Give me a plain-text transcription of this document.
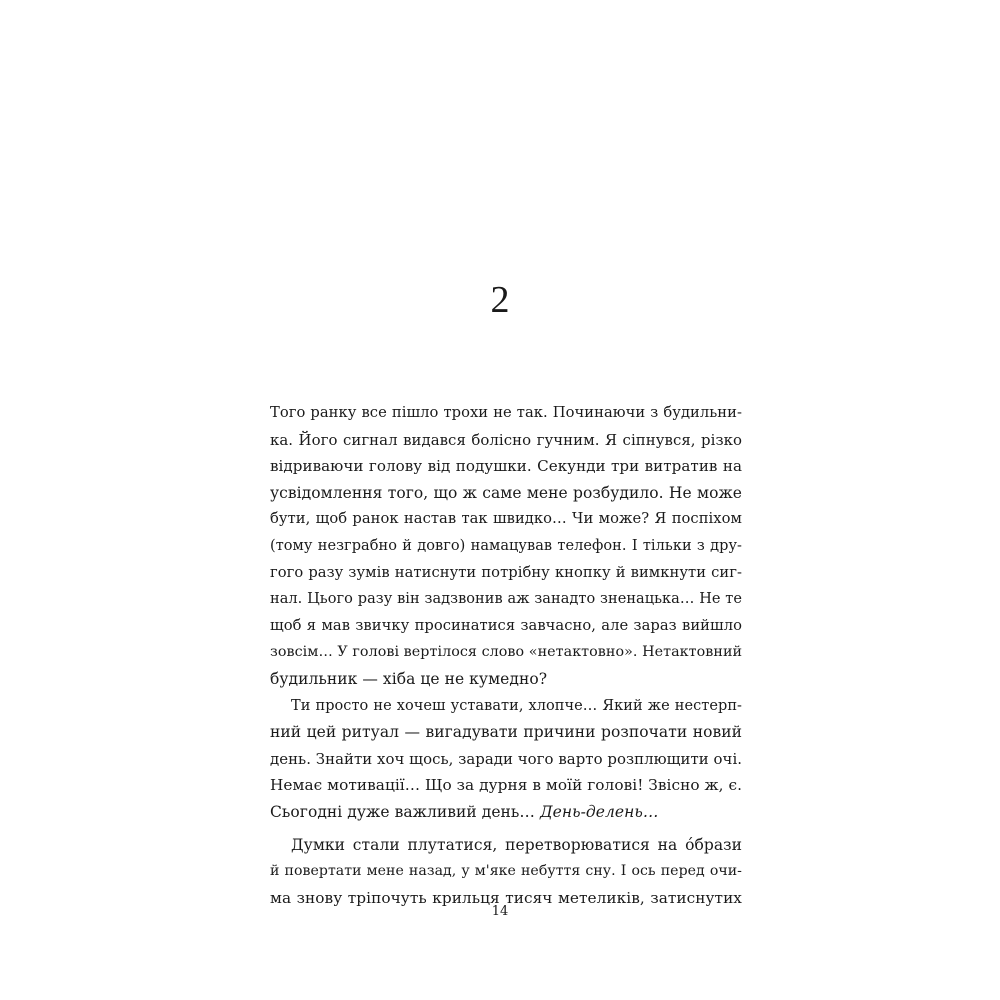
2
Того ранку все пішло трохи не так. Починаючи з будильни-
ка. Його сигнал видався болісно гучним. Я сіпнувся, різко
відриваючи голову від подушки. Секунди три витратив на
усвідомлення того, що ж саме мене розбудило. Не може
бути, щоб ранок настав так швидко… Чи може? Я поспіхом
(тому незграбно й довго) намацував телефон. І тільки з дру-
гого разу зумів натиснути потрібну кнопку й вимкнути сиг-
нал. Цього разу він задзвонив аж занадто зненацька… Не те
щоб я мав звичку просинатися завчасно, але зараз вийшло
зовсім… У голові вертілося слово «нетактовно». Нетактовний
будильник — хіба це не кумедно?
Ти просто не хочеш уставати, хлопче… Який же нестерп-
ний цей ритуал — вигадувати причини розпочати новий
день. Знайти хоч щось, заради чого варто розплющити очі.
Немає мотивації… Що за дурня в моїй голові! Звісно ж, є.
Сьогодні дуже важливий день… День-делень…
Думки стали плутатися, перетворюватися на óбрази
й повертати мене назад, у м'яке небуття сну. І ось перед очи-
ма знову тріпочуть крильця тисяч метеликів, затиснутих
14
